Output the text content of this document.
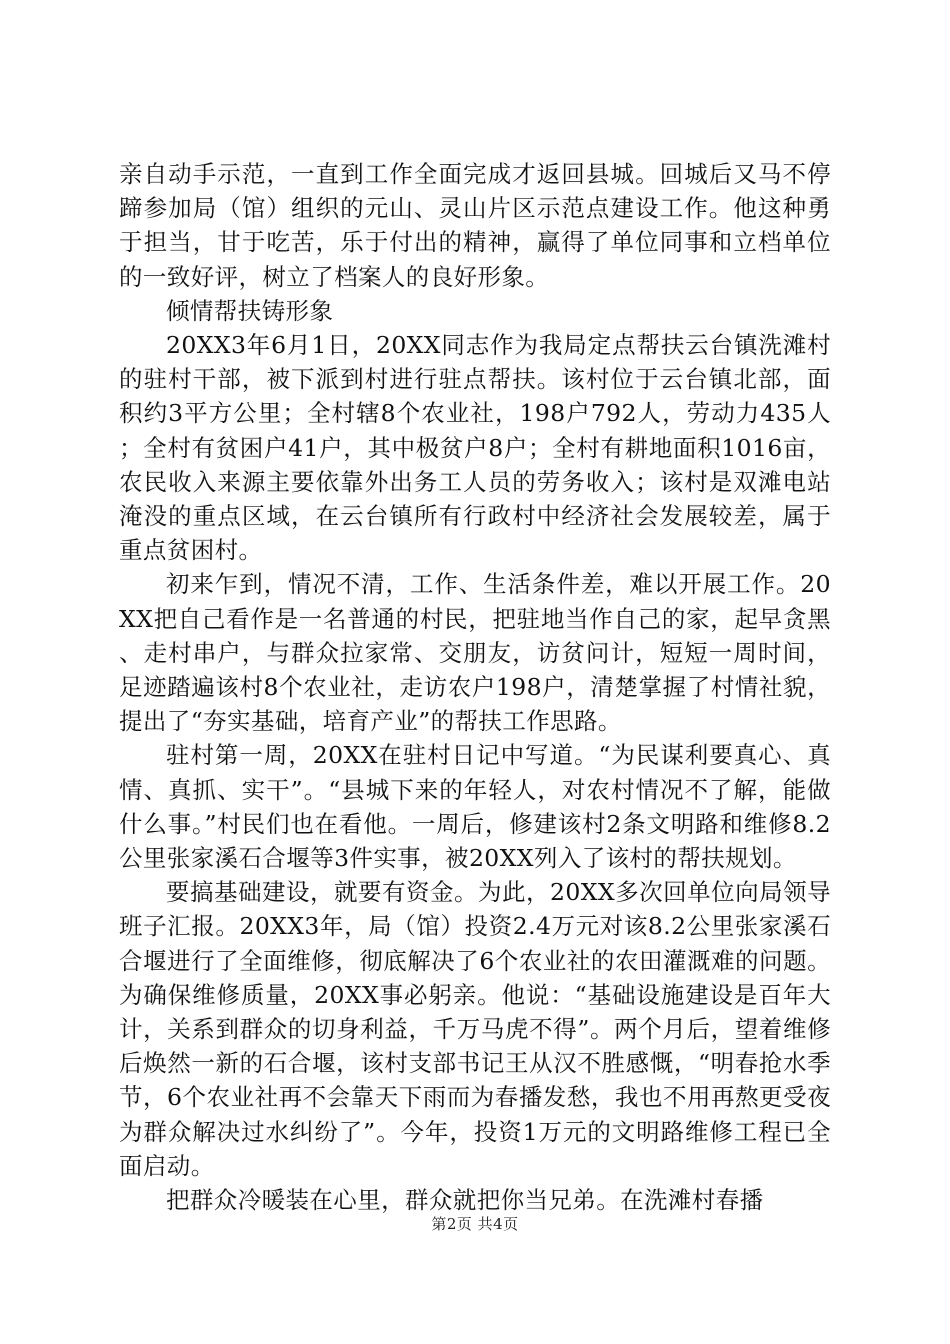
亲自动手示范，一直到工作全面完成才返回县城。回城后又马不停蹄参加局（馆）组织的元山、灵山片区示范点建设工作。他这种勇于担当，甘于吃苦，乐于付出的精神，赢得了单位同事和立档单位的一致好评，树立了档案人的良好形象。

倾情帮扶铸形象

20XX3年6月1日，20XX同志作为我局定点帮扶云台镇洗滩村的驻村干部，被下派到村进行驻点帮扶。该村位于云台镇北部，面积约3平方公里；全村辖8个农业社，198户792人，劳动力435人；全村有贫困户41户，其中极贫户8户；全村有耕地面积1016亩，农民收入来源主要依靠外出务工人员的劳务收入；该村是双滩电站淹没的重点区域，在云台镇所有行政村中经济社会发展较差，属于重点贫困村。

初来乍到，情况不清，工作、生活条件差，难以开展工作。20XX把自己看作是一名普通的村民，把驻地当作自己的家，起早贪黑、走村串户，与群众拉家常、交朋友，访贫问计，短短一周时间，足迹踏遍该村8个农业社，走访农户198户，清楚掌握了村情社貌，提出了“夯实基础，培育产业”的帮扶工作思路。

驻村第一周，20XX在驻村日记中写道。“为民谋利要真心、真情、真抓、实干”。“县城下来的年轻人，对农村情况不了解，能做什么事。”村民们也在看他。一周后，修建该村2条文明路和维修8.2公里张家溪石合堰等3件实事，被20XX列入了该村的帮扶规划。

要搞基础建设，就要有资金。为此，20XX多次回单位向局领导班子汇报。20XX3年，局（馆）投资2.4万元对该8.2公里张家溪石合堰进行了全面维修，彻底解决了6个农业社的农田灌溉难的问题。为确保维修质量，20XX事必躬亲。他说：“基础设施建设是百年大计，关系到群众的切身利益，千万马虎不得”。两个月后，望着维修后焕然一新的石合堰，该村支部书记王从汉不胜感慨，“明春抢水季节，6个农业社再不会靠天下雨而为春播发愁，我也不用再熬更受夜为群众解决过水纠纷了”。今年，投资1万元的文明路维修工程已全面启动。

把群众冷暖装在心里，群众就把你当兄弟。在洗滩村春播

第2页 共4页
